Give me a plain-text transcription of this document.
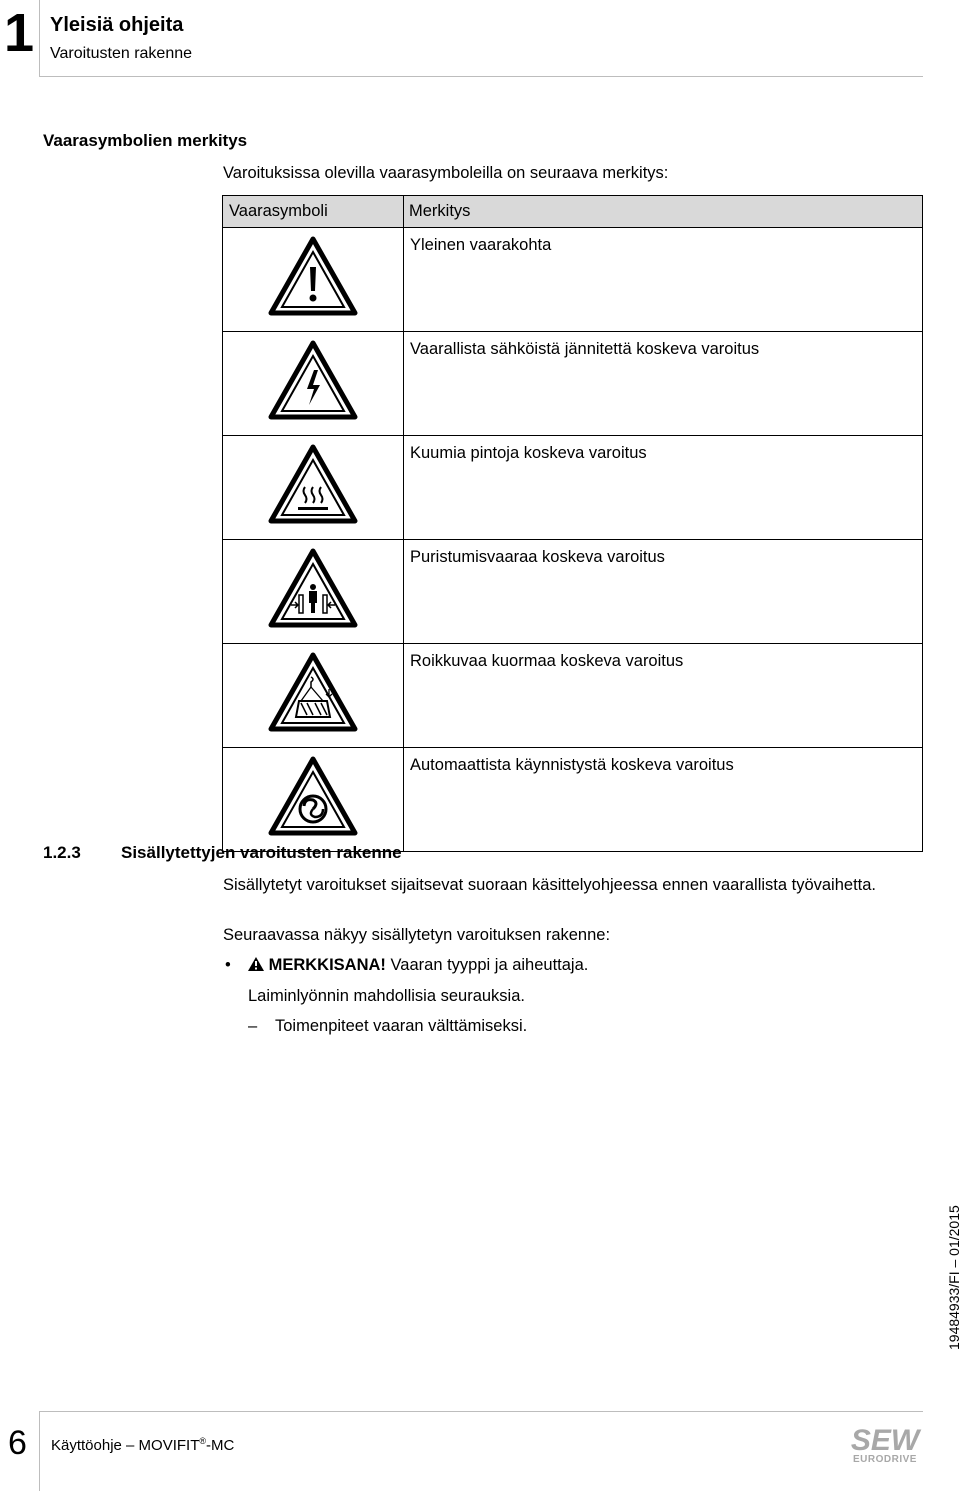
1 Yleisiä ohjeita
Varoitusten rakenne
Vaarasymbolien merkitys
Varoituksissa olevilla vaarasymboleilla on seuraava merkitys:
Vaarasymboli	Merkitys

	Yleinen vaarakohta

	Vaarallista sähköistä jännitettä koskeva varoitus

	Kuumia pintoja koskeva varoitus

	Puristumisvaaraa koskeva varoitus

	Roikkuvaa kuormaa koskeva varoitus

	Automaattista käynnistystä koskeva varoitus
1.2.3 Sisällytettyjen varoitusten rakenne
Sisällytetyt varoitukset sijaitsevat suoraan käsittelyohjeessa ennen vaarallista työvaihetta.
Seuraavassa näkyy sisällytetyn varoituksen rakenne:
•	MERKKISANA! Vaaran tyyppi ja aiheuttaja.
Laiminlyönnin mahdollisia seurauksia.
– Toimenpiteet vaaran välttämiseksi.
19484933/FI – 01/2015
6 Käyttöohje – MOVIFIT®-MC	SEW
EURODRIVE
